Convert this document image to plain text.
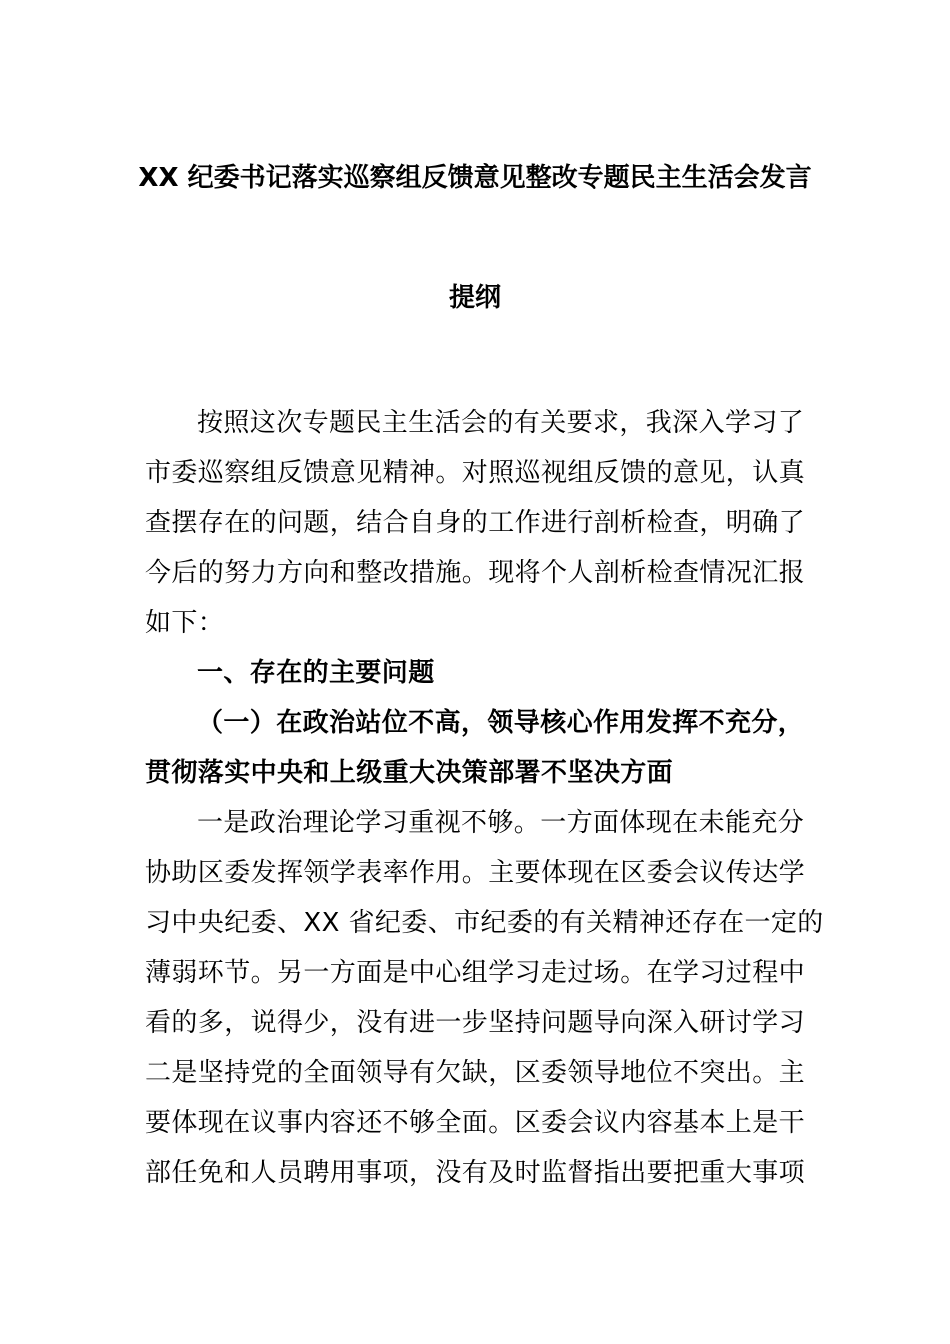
XX 纪委书记落实巡察组反馈意见整改专题民主生活会发言
提纲
按照这次专题民主生活会的有关要求，我深入学习了
市委巡察组反馈意见精神。对照巡视组反馈的意见，认真
查摆存在的问题，结合自身的工作进行剖析检查，明确了
今后的努力方向和整改措施。现将个人剖析检查情况汇报
如下：
一、存在的主要问题
（一）在政治站位不高，领导核心作用发挥不充分，
贯彻落实中央和上级重大决策部署不坚决方面
一是政治理论学习重视不够。一方面体现在未能充分
协助区委发挥领学表率作用。主要体现在区委会议传达学
习中央纪委、XX 省纪委、市纪委的有关精神还存在一定的
薄弱环节。另一方面是中心组学习走过场。在学习过程中
看的多，说得少，没有进一步坚持问题导向深入研讨学习
二是坚持党的全面领导有欠缺，区委领导地位不突出。主
要体现在议事内容还不够全面。区委会议内容基本上是干
部任免和人员聘用事项，没有及时监督指出要把重大事项
